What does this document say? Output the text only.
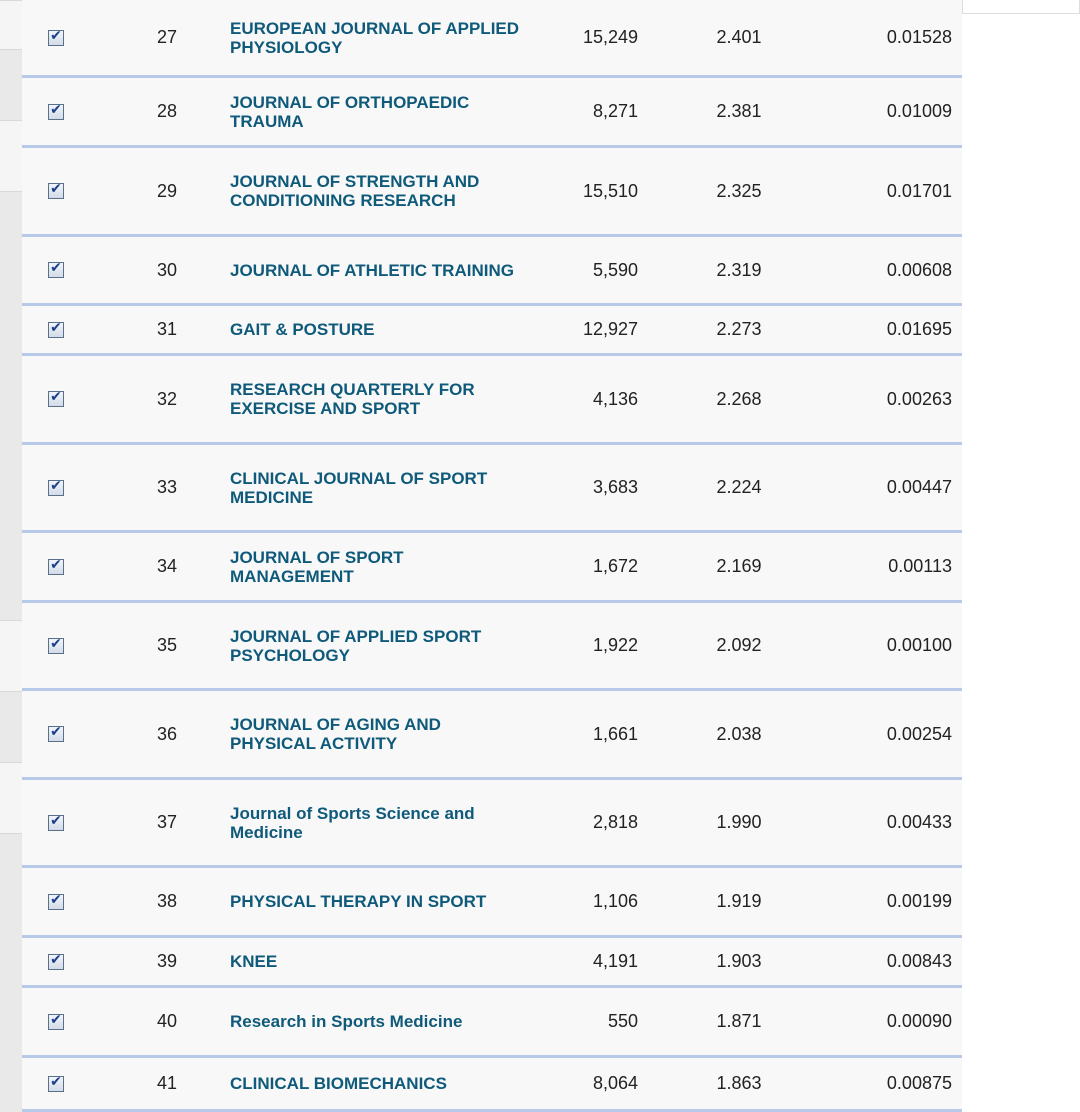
✔	27	EUROPEAN JOURNAL OF APPLIED PHYSIOLOGY	15,249	2.401	0.01528
✔	28	JOURNAL OF ORTHOPAEDIC TRAUMA	8,271	2.381	0.01009
✔	29	JOURNAL OF STRENGTH AND CONDITIONING RESEARCH	15,510	2.325	0.01701
✔	30	JOURNAL OF ATHLETIC TRAINING	5,590	2.319	0.00608
✔	31	GAIT & POSTURE	12,927	2.273	0.01695
✔	32	RESEARCH QUARTERLY FOR EXERCISE AND SPORT	4,136	2.268	0.00263
✔	33	CLINICAL JOURNAL OF SPORT MEDICINE	3,683	2.224	0.00447
✔	34	JOURNAL OF SPORT MANAGEMENT	1,672	2.169	0.00113
✔	35	JOURNAL OF APPLIED SPORT PSYCHOLOGY	1,922	2.092	0.00100
✔	36	JOURNAL OF AGING AND PHYSICAL ACTIVITY	1,661	2.038	0.00254
✔	37	Journal of Sports Science and Medicine	2,818	1.990	0.00433
✔	38	PHYSICAL THERAPY IN SPORT	1,106	1.919	0.00199
✔	39	KNEE	4,191	1.903	0.00843
✔	40	Research in Sports Medicine	550	1.871	0.00090
✔	41	CLINICAL BIOMECHANICS	8,064	1.863	0.00875
